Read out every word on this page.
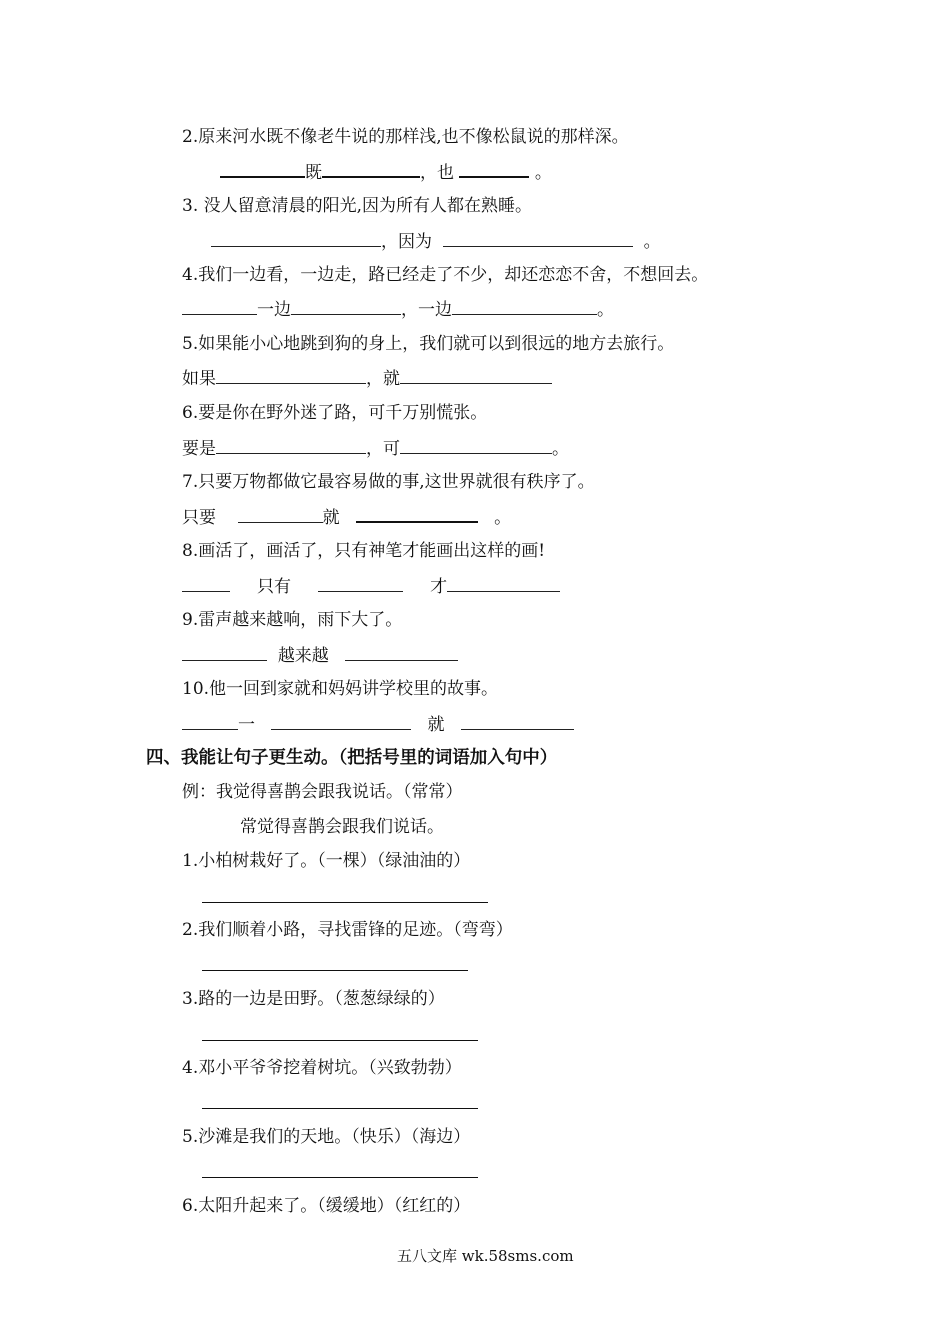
2.原来河水既不像老牛说的那样浅,也不像松鼠说的那样深。
既	，也	。
3. 没人留意清晨的阳光,因为所有人都在熟睡。
，因为	。
4.我们一边看，一边走，路已经走了不少，却还恋恋不舍，不想回去。
一边	，一边	。
5.如果能小心地跳到狗的身上，我们就可以到很远的地方去旅行。
如果	，就
6.要是你在野外迷了路，可千万别慌张。
要是	，可	。
7.只要万物都做它最容易做的事,这世界就很有秩序了。
只要	就	。
8.画活了，画活了，只有神笔才能画出这样的画!
只有	才
9.雷声越来越响，雨下大了。
越来越
10.他一回到家就和妈妈讲学校里的故事。
一	就
四、我能让句子更生动。（把括号里的词语加入句中）
例：我觉得喜鹊会跟我说话。（常常）
常觉得喜鹊会跟我们说话。
1.小柏树栽好了。（一棵）（绿油油的）
2.我们顺着小路，寻找雷锋的足迹。（弯弯）
3.路的一边是田野。（葱葱绿绿的）
4.邓小平爷爷挖着树坑。（兴致勃勃）
5.沙滩是我们的天地。（快乐）（海边）
6.太阳升起来了。（缓缓地）（红红的）
五八文库 wk.58sms.com
